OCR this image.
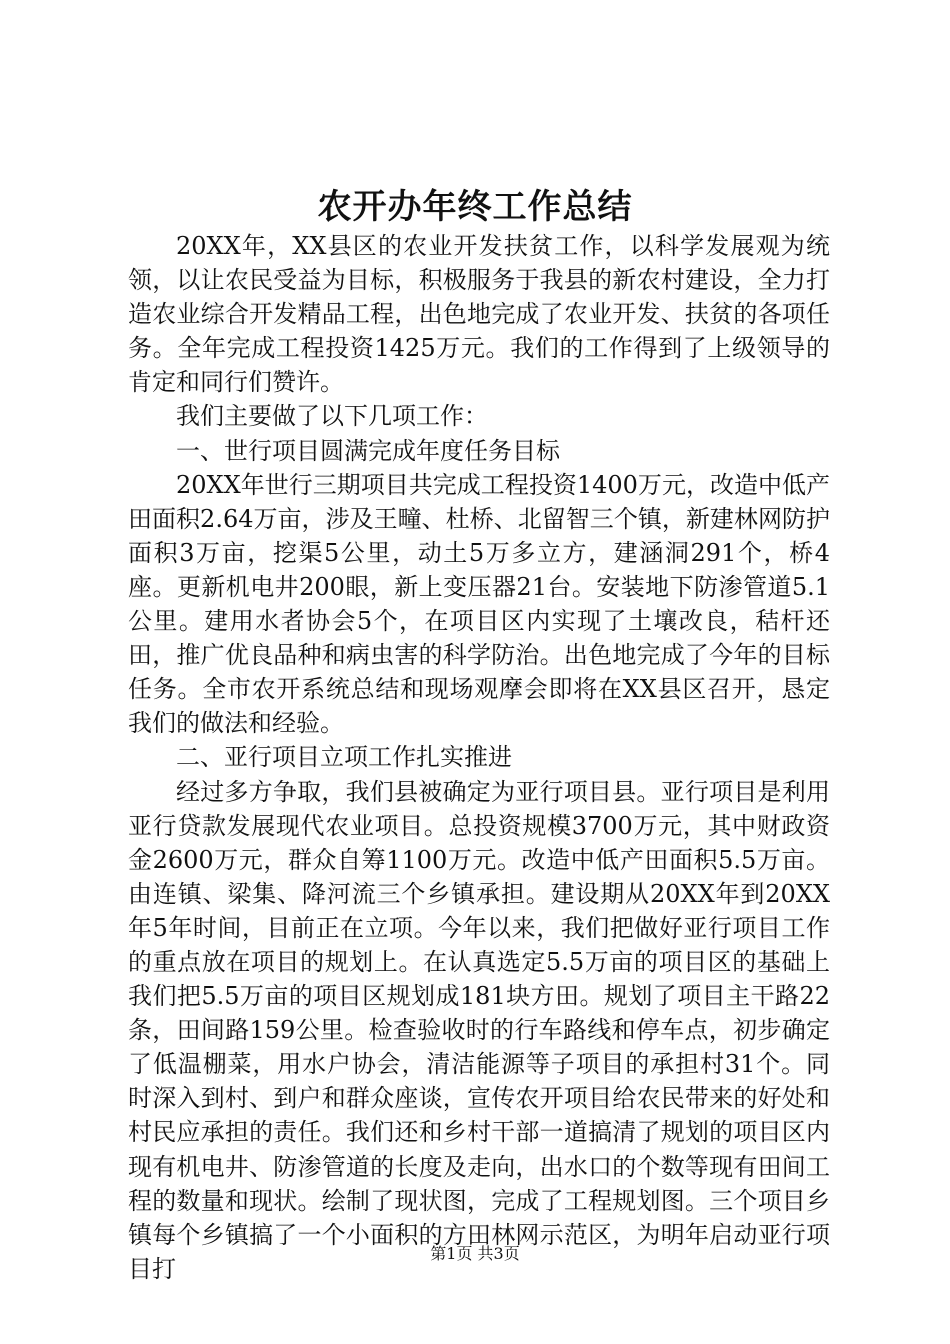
农开办年终工作总结

20XX年，XX县区的农业开发扶贫工作，以科学发展观为统领，以让农民受益为目标，积极服务于我县的新农村建设，全力打造农业综合开发精品工程，出色地完成了农业开发、扶贫的各项任务。全年完成工程投资1425万元。我们的工作得到了上级领导的肯定和同行们赞许。

我们主要做了以下几项工作：

一、世行项目圆满完成年度任务目标

20XX年世行三期项目共完成工程投资1400万元，改造中低产田面积2.64万亩，涉及王疃、杜桥、北留智三个镇，新建林网防护面积3万亩，挖渠5公里，动土5万多立方，建涵洞291个，桥4座。更新机电井200眼，新上变压器21台。安装地下防渗管道5.1公里。建用水者协会5个，在项目区内实现了土壤改良，秸杆还田，推广优良品种和病虫害的科学防治。出色地完成了今年的目标任务。全市农开系统总结和现场观摩会即将在XX县区召开，恳定我们的做法和经验。

二、亚行项目立项工作扎实推进

经过多方争取，我们县被确定为亚行项目县。亚行项目是利用亚行贷款发展现代农业项目。总投资规模3700万元，其中财政资金2600万元，群众自筹1100万元。改造中低产田面积5.5万亩。由连镇、梁集、降河流三个乡镇承担。建设期从20XX年到20XX年5年时间，目前正在立项。今年以来，我们把做好亚行项目工作的重点放在项目的规划上。在认真选定5.5万亩的项目区的基础上我们把5.5万亩的项目区规划成181块方田。规划了项目主干路22条，田间路159公里。检查验收时的行车路线和停车点，初步确定了低温棚菜，用水户协会，清洁能源等子项目的承担村31个。同时深入到村、到户和群众座谈，宣传农开项目给农民带来的好处和村民应承担的责任。我们还和乡村干部一道搞清了规划的项目区内现有机电井、防渗管道的长度及走向，出水口的个数等现有田间工程的数量和现状。绘制了现状图，完成了工程规划图。三个项目乡镇每个乡镇搞了一个小面积的方田林网示范区，为明年启动亚行项目打

第1页 共3页
